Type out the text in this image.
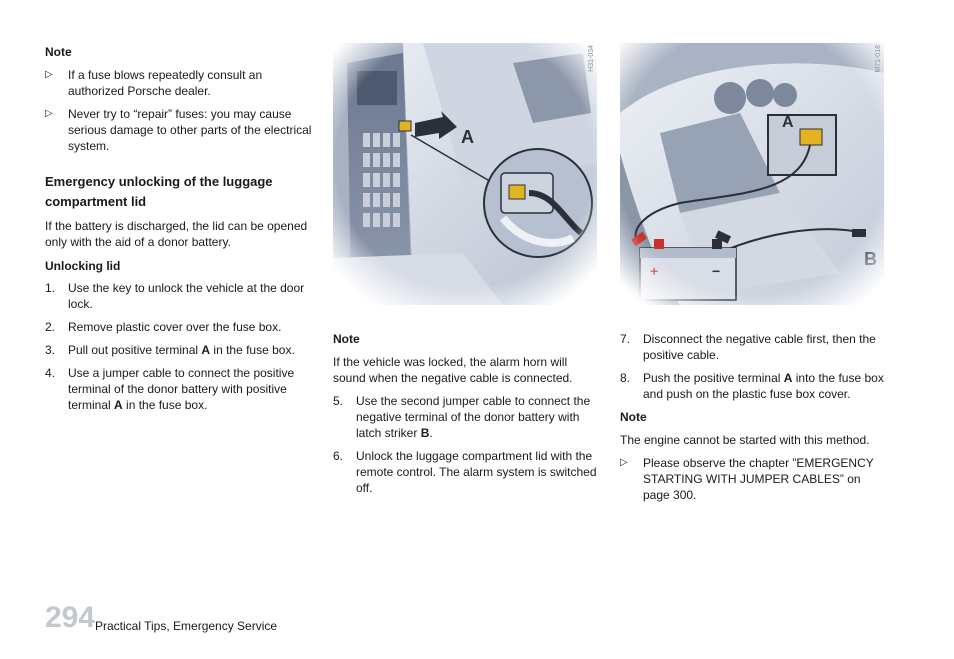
Note
▷ If a fuse blows repeatedly consult an authorized Porsche dealer.
▷ Never try to “repair” fuses: you may cause serious damage to other parts of the electrical system.
Emergency unlocking of the luggage compartment lid

If the battery is discharged, the lid can be opened only with the aid of a donor battery.

Unlocking lid
1. Use the key to unlock the vehicle at the door lock.
2. Remove plastic cover over the fuse box.
3. Pull out positive terminal A in the fuse box.
4. Use a jumper cable to connect the positive terminal of the donor battery with positive terminal A in the fuse box.
H31-034	M71-018
Note

If the vehicle was locked, the alarm horn will sound when the negative cable is connected.

5. Use the second jumper cable to connect the negative terminal of the donor battery with latch striker B.
6. Unlock the luggage compartment lid with the remote control. The alarm system is switched off.
7. Disconnect the negative cable first, then the positive cable.
8. Push the positive terminal A into the fuse box and push on the plastic fuse box cover.
Note

The engine cannot be started with this method.

▷ Please observe the chapter ”EMERGENCY STARTING WITH JUMPER CABLES” on page 300.
294 Practical Tips, Emergency Service
